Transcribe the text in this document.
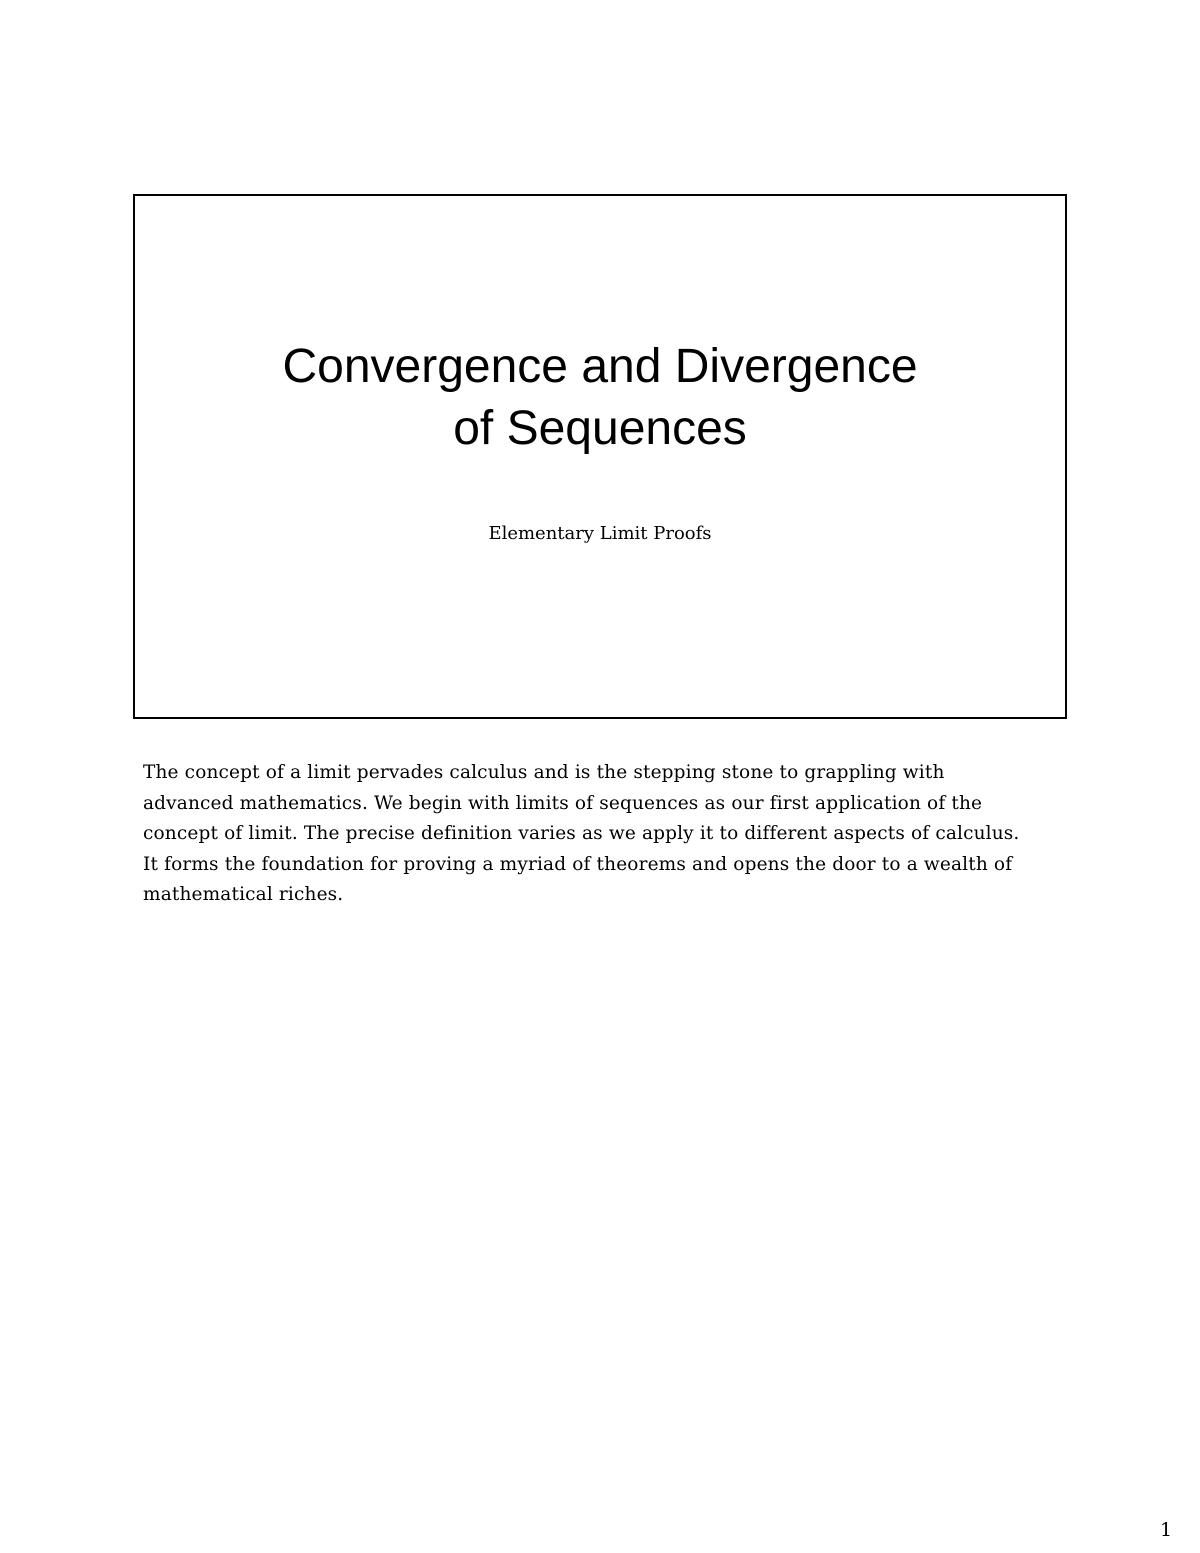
Convergence and Divergence
of Sequences
Elementary Limit Proofs
The concept of a limit pervades calculus and is the stepping stone to grappling with
advanced mathematics. We begin with limits of sequences as our first application of the
concept of limit. The precise definition varies as we apply it to different aspects of calculus.
It forms the foundation for proving a myriad of theorems and opens the door to a wealth of
mathematical riches.
1
